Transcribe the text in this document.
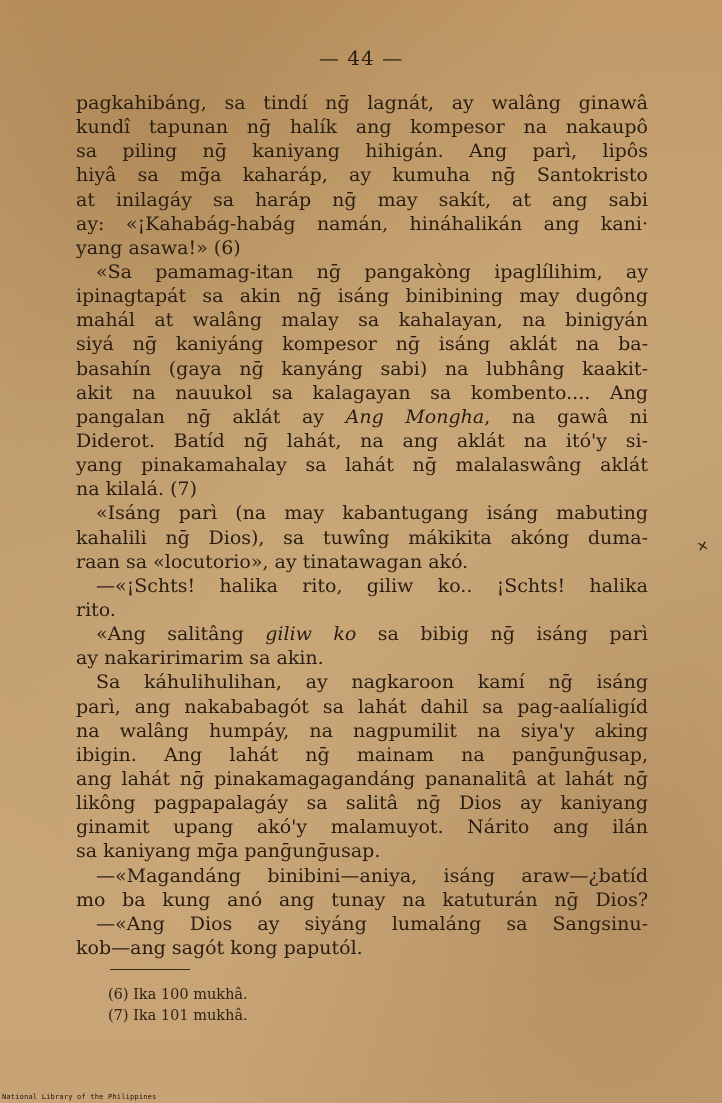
— 44 —
pagkahibáng, sa tindí nḡ lagnát, ay walâng ginawâ
kundî tapunan nḡ halík ang kompesor na nakaupô
sa piling nḡ kaniyang hihigán. Ang parì, lipôs
hiyâ sa mḡa kaharáp, ay kumuha nḡ Santokristo
at inilagáy sa haráp nḡ may sakít, at ang sabi
ay: «¡Kahabág-habág namán, hináhalikán ang kani·
yang asawa!» (6)
«Sa pamamag-itan nḡ pangakòng ipaglílihim, ay
ipinagtapát sa akin nḡ isáng binibining may dugông
mahál at walâng malay sa kahalayan, na binigyán
siyá nḡ kaniyáng kompesor nḡ isáng aklát na ba-
basahín (gaya nḡ kanyáng sabi) na lubhâng kaakit-
akit na nauukol sa kalagayan sa kombento.... Ang
pangalan nḡ aklát ay Ang Mongha, na gawâ ni
Diderot. Batíd nḡ lahát, na ang aklát na itó'y si-
yang pinakamahalay sa lahát nḡ malalaswâng aklát
na kilalá. (7)
«Isáng parì (na may kabantugang isáng mabuting
kahalili nḡ Dios), sa tuwîng mákikita akóng duma-
raan sa «locutorio», ay tinatawagan akó.
—«¡Schts! halika rito, giliw ko.. ¡Schts! halika
rito.
«Ang salitâng giliw ko sa bibig nḡ isáng parì
ay nakaririmarim sa akin.
Sa káhulihulihan, ay nagkaroon kamí nḡ isáng
parì, ang nakababagót sa lahát dahil sa pag-aalíaligíd
na walâng humpáy, na nagpumilit na siya'y aking
ibigin. Ang lahát nḡ mainam na panḡunḡusap,
ang lahát nḡ pinakamagagandáng pananalitâ at lahát nḡ
likông pagpapalagáy sa salitâ nḡ Dios ay kaniyang
ginamit upang akó'y malamuyot. Nárito ang ilán
sa kaniyang mḡa panḡunḡusap.
—«Magandáng binibini—aniya, isáng araw—¿batíd
mo ba kung anó ang tunay na katuturán nḡ Dios?
—«Ang Dios ay siyáng lumaláng sa Sangsinu-
kob—ang sagót kong paputól.
(6) Ika 100 mukhâ.
(7) Ika 101 mukhâ.
✕
National Library of the Philippines
